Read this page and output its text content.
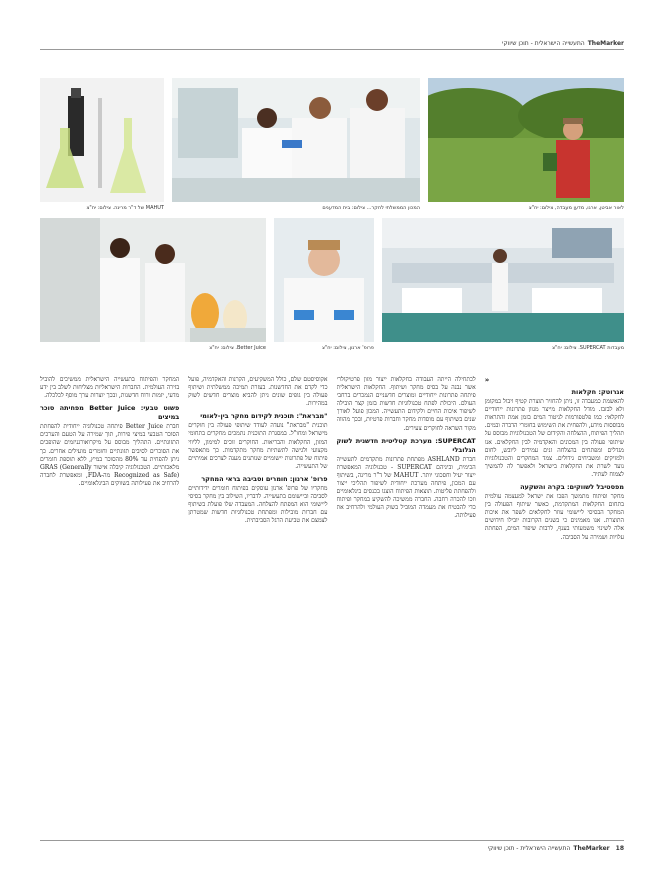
TheMarker
התעשייה הישראלית - תוכן שיווקי
לאור אביטן, ארגו, מדען מעבדה, צילום: יח"צ
המכון הממשלתי לחקר... צילום: בית המדענים
MAHUT של ד"ר מרינה. צילום: יח"צ
מעבדות SUPERCAT. צילום: יח"צ
פרופ' ארנון, צילום: יח"צ
Better Juice. צילום: יח"צ
»
אגרוטק: חקלאות

להאשמת כמעבדה זו, ניתן להחזיר תוצרת קטיף ויבול במקומן ולא לבזבז. מודל החקלאות מייצר מגוון פתרונות ייחודיים לחקלאי: כמו פלטפורמות לניטור המים בזמן אמת והתראות מבוססות מידע, ולהפחית את השימוש בחומרי הדברה ובמים. תהליך הפיתוח, ההצלחה והקידום של הטכנולוגיות מבוסס על שיתופי פעולה בין המכונים והאקדמיה לבין החקלאים. אנו מגדלים ומפתחים בהצלחה זנים עמידים ליובש, לחום ולמזיקים ומשביחים גידולים. צמד המחקרים והטכנולוגיות נועד לשרת את החקלאות בישראל ולאפשר לה להמשיך לצמוח לעתיד.

מפסטיבל לשווקים: בקרה והשקעה

מחקר ופיתוח מתמשך הפכו את ישראל למעצמה עולמית בתחום החקלאות המתקדמת, כאשר שיתוף הפעולה בין המחקר הבסיסי ליישומי עוזר לחקלאים לשפר את איכות התוצרת. אנו מאמינים כי בשנים הקרובות יובילו חידושים אלה לשינוי משמעותי בענף, לרבות שיפור המים, הפחתת עלויות ושמירה על הסביבה.

לכתחילה הייתה העבודה בחקלאות ייצור מזון פרטיקולרי אשר נבנה על בסיס מחקר ושיתוף. החקלאות הישראלית פיתחה פתרונות ייחודיים ומוצרים חדשניים הנמכרים ברחבי העולם. היכולת לפתח טכנולוגיות חדשות בזמן קצר הובילה לשיפור איכות החיים ולקידום התעשייה. המכון פועל לאורך שנים בשיתוף עם מוסדות מחקר וחברות פרטיות, ובכך מהווה מקור השראה לחוקרים צעירים.

SUPERCAT: מערכת קטליטית חדשנית לשוק הגלובלי

חברת ASHLAND מפתחת פתרונות מתקדמים לתעשייה הכימית, וביניהם SUPERCAT - טכנולוגיה המאפשרת ייצור יעיל וחסכוני יותר. MAHUT של ד"ר מרינה, בשיתוף עם המכון, פיתחה מערכת ייחודית לשיפור תהליכי ייצור ולהפחתת פליטות. תוצאות הפיתוח הוצגו בכנסים בינלאומיים וזכו להכרה רחבה. החברה ממשיכה להשקיע במחקר ופיתוח כדי להבטיח את מעמדה המוביל בשוק העולמי ולהרחיב את פעילותה.

אקוסיסטם שלם, כולל המשקיעים, הקרנות והאקדמיה, פועל כדי לקדם את החדשנות. בעזרת תמיכה ממשלתית ושיתוף פעולה בין גופים שונים ניתן להביא מוצרים חדשים לשוק במהירות.

"מבראת": תוכנית לקידום מחקר בין-לאומי

תוכנית "מבראת" נועדה לעודד שיתופי פעולה בין חוקרים מישראל ומחו"ל. במסגרת התוכנית נתמכים מחקרים בתחומי המזון, החקלאות והבריאות. החוקרים זוכים למימון, לליווי מקצועי ולגישה לתשתיות מחקר מתקדמות. כך מתאפשר פיתוח של פתרונות יישומיים שנותנים מענה לצרכים אמיתיים של התעשייה.

פרופ' ארנון: חומרים וסביבה בראי המחקר

מחקריו של פרופ' ארנון עוסקים בפיתוח חומרים ידידותיים לסביבה וביישומם בתעשייה. לדבריו, השילוב בין מחקר בסיסי ליישומי הוא המפתח להצלחה. המעבדה שלו פועלת בשיתוף עם חברות מובילות ומפתחת טכנולוגיות חדשות שמטרתן לצמצם את טביעת הרגל הסביבתית.

המחקר והפיתוח בתעשייה הישראלית ממשיכים להוביל בזירה העולמית. החברות הישראליות מצליחות לשלב בין ידע מדעי, יזמות ורוח חדשנות, ובכך יוצרות ערך מוסף לכלכלה.

פשוט טבעי: Better Juice מפחיתה סוכר במיצים

חברת Better Juice פיתחה טכנולוגיה ייחודית להפחתת הסוכר הטבעי במיצי פירות, תוך שמירה על הטעם והערכים התזונתיים. התהליך מבוסס על מיקרואורגניזמים שהופכים את הסוכרים לסיבים תזונתיים וחומרים מועילים אחרים. כך ניתן להפחית עד 80% מהסוכר במיץ, ללא תוספת חומרים מלאכותיים. הטכנולוגיה קיבלה אישור GRAS (Generally Recognized as Safe) מה-FDA, ומאפשרת לחברה להרחיב את פעילותה בשווקים הבינלאומיים.

18
TheMarker
התעשייה הישראלית - תוכן שיווקי
